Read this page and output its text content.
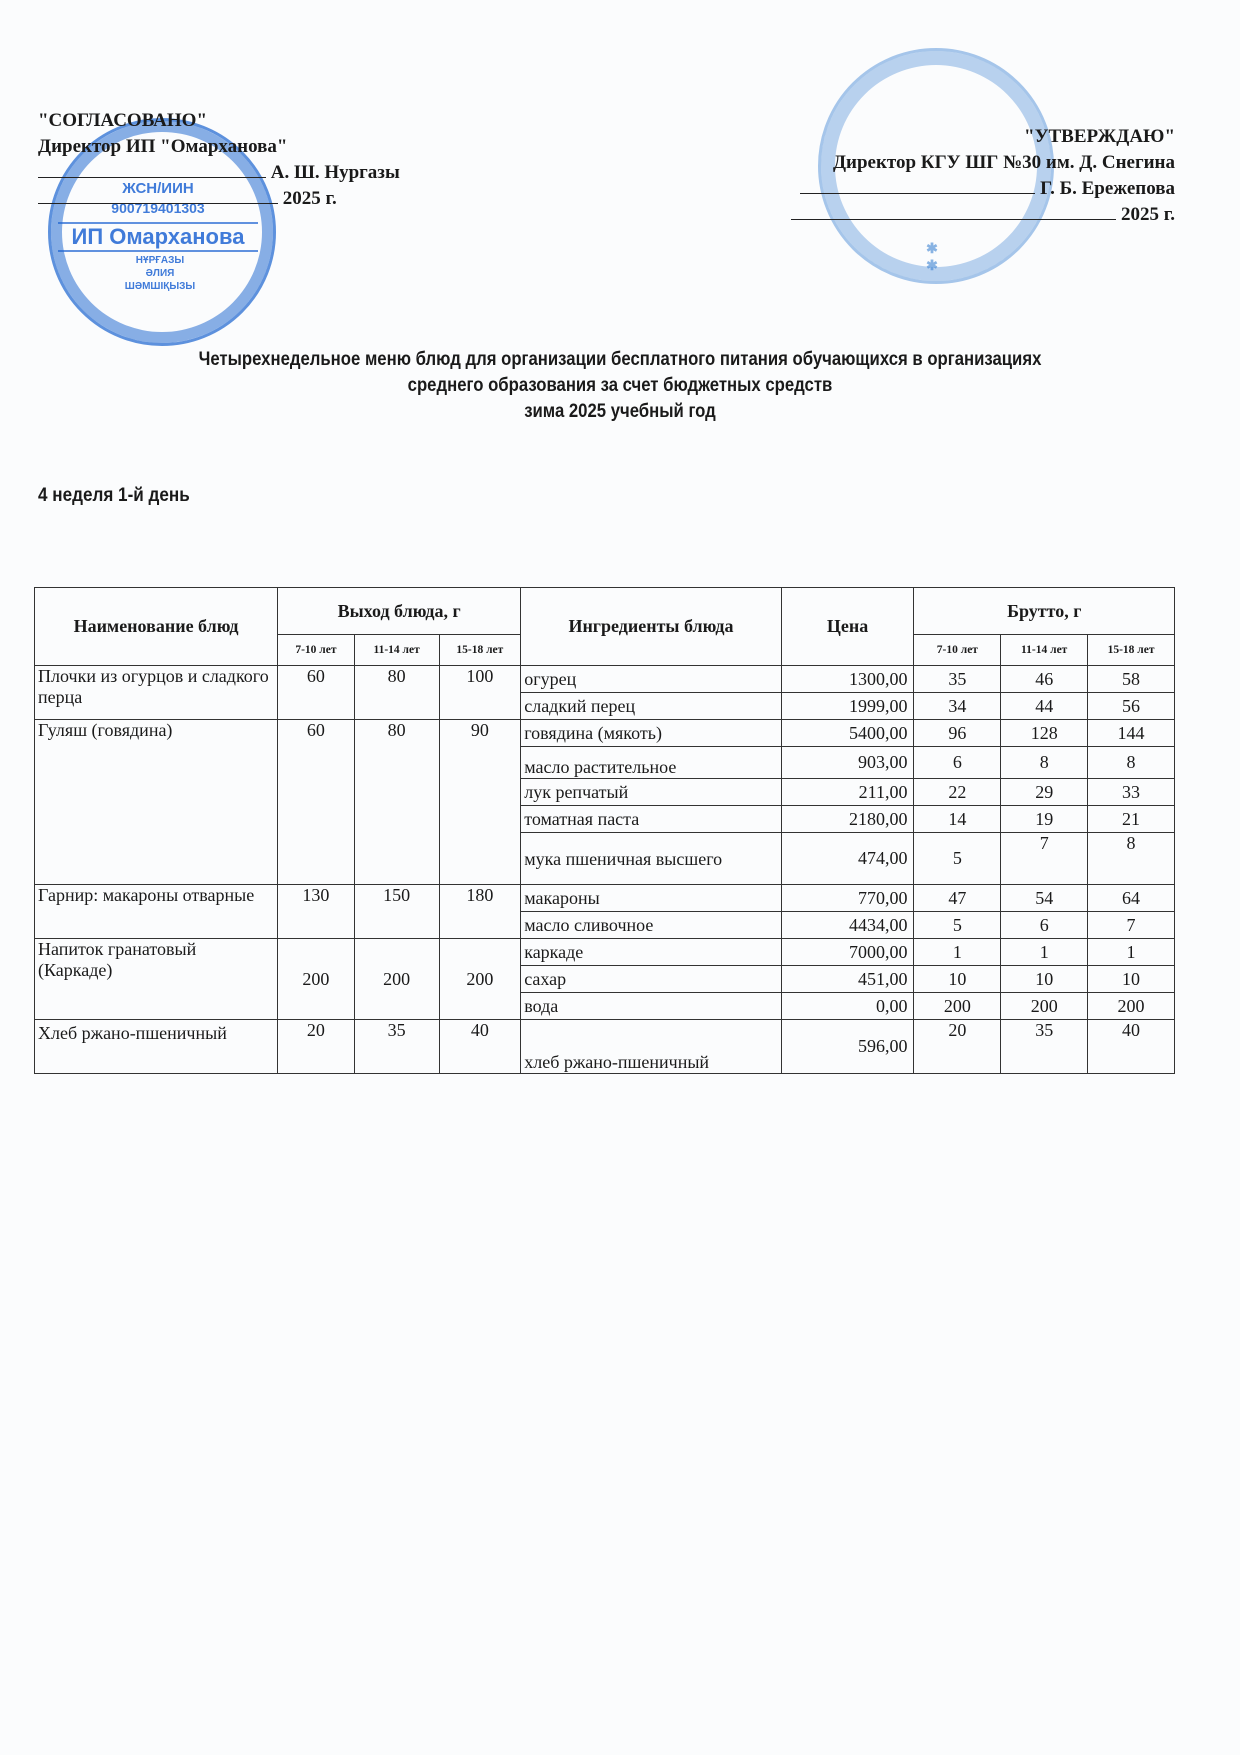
ЖСН/ИИН
900719401303
ИП Омарханова
НҰРҒАЗЫ
ӘЛИЯ
ШӘМШІҚЫЗЫ
✱
✱
"СОГЛАСОВАНО"
Директор ИП "Омарханова"
А. Ш. Нургазы
2025 г.
"УТВЕРЖДАЮ"
Директор КГУ ШГ №30 им. Д. Снегина
Г. Б. Ережепова
2025 г.
Четырехнедельное меню блюд для организации бесплатного питания обучающихся в организациях
среднего образования за счет бюджетных средств
зима 2025 учебный год
4 неделя 1-й день
Наименование блюд	Выход блюда, г			Ингредиенты блюда	Цена	Брутто, г		
	7-10 лет	11-14 лет	15-18 лет			7-10 лет	11-14 лет	15-18 лет
Плочки из огурцов и сладкого перца	60	80	100	огурец	1300,00	35	46	58
				сладкий перец	1999,00	34	44	56
Гуляш (говядина)	60	80	90	говядина (мякоть)	5400,00	96	128	144
				масло растительное	903,00	6	8	8
				лук репчатый	211,00	22	29	33
				томатная паста	2180,00	14	19	21
				мука пшеничная высшего	474,00	5	7	8
Гарнир: макароны отварные	130	150	180	макароны	770,00	47	54	64
				масло сливочное	4434,00	5	6	7
Напиток гранатовый (Каркаде)	200	200	200	каркаде	7000,00	1	1	1
				сахар	451,00	10	10	10
				вода	0,00	200	200	200
Хлеб ржано-пшеничный	20	35	40	хлеб ржано-пшеничный	596,00	20	35	40
